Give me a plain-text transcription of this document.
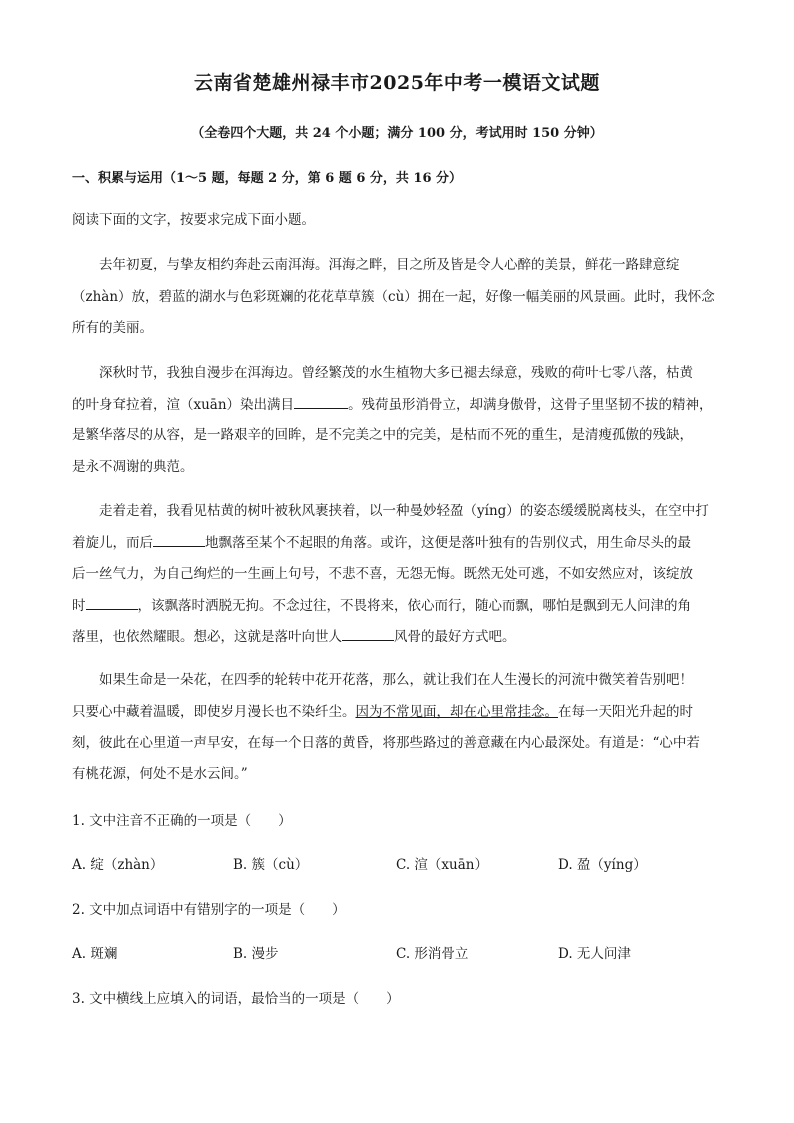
云南省楚雄州禄丰市2025年中考一模语文试题
（全卷四个大题，共 24 个小题；满分 100 分，考试用时 150 分钟）
一、积累与运用（1～5 题，每题 2 分，第 6 题 6 分，共 16 分）
阅读下面的文字，按要求完成下面小题。
去年初夏，与挚友相约奔赴云南洱海。洱海之畔，目之所及皆是令人心醉的美景，鲜花一路肆意绽
（zhàn）放，碧蓝的湖水与色彩斑斓的花花草草簇（cù）拥在一起，好像一幅美丽的风景画。此时，我怀念
所有的美丽。
深秋时节，我独自漫步在洱海边。曾经繁茂的水生植物大多已褪去绿意，残败的荷叶七零八落，枯黄
的叶身耷拉着，渲（xuān）染出满目	。残荷虽形消骨立，却满身傲骨，这骨子里坚韧不拔的精神，
是繁华落尽的从容，是一路艰辛的回眸，是不完美之中的完美，是枯而不死的重生，是清瘦孤傲的残缺，
是永不凋谢的典范。
走着走着，我看见枯黄的树叶被秋风裹挟着，以一种曼妙轻盈（yíng）的姿态缓缓脱离枝头，在空中打
着旋儿，而后	地飘落至某个不起眼的角落。或许，这便是落叶独有的告别仪式，用生命尽头的最
后一丝气力，为自己绚烂的一生画上句号，不悲不喜，无怨无悔。既然无处可逃，不如安然应对，该绽放
时	，该飘落时洒脱无拘。不念过往，不畏将来，依心而行，随心而飘，哪怕是飘到无人问津的角
落里，也依然耀眼。想必，这就是落叶向世人	风骨的最好方式吧。
如果生命是一朵花，在四季的轮转中花开花落，那么，就让我们在人生漫长的河流中微笑着告别吧！
只要心中藏着温暖，即使岁月漫长也不染纤尘。因为不常见面，却在心里常挂念。在每一天阳光升起的时
刻，彼此在心里道一声早安，在每一个日落的黄昏，将那些路过的善意藏在内心最深处。有道是：“心中若
有桃花源，何处不是水云间。”
1. 文中注音不正确的一项是（　　）
A. 绽（zhàn）	B. 簇（cù）	C. 渲（xuān）	D. 盈（yíng）
2. 文中加点词语中有错别字的一项是（　　）
A. 斑斓	B. 漫步	C. 形消骨立	D. 无人问津
3. 文中横线上应填入的词语，最恰当的一项是（　　）
